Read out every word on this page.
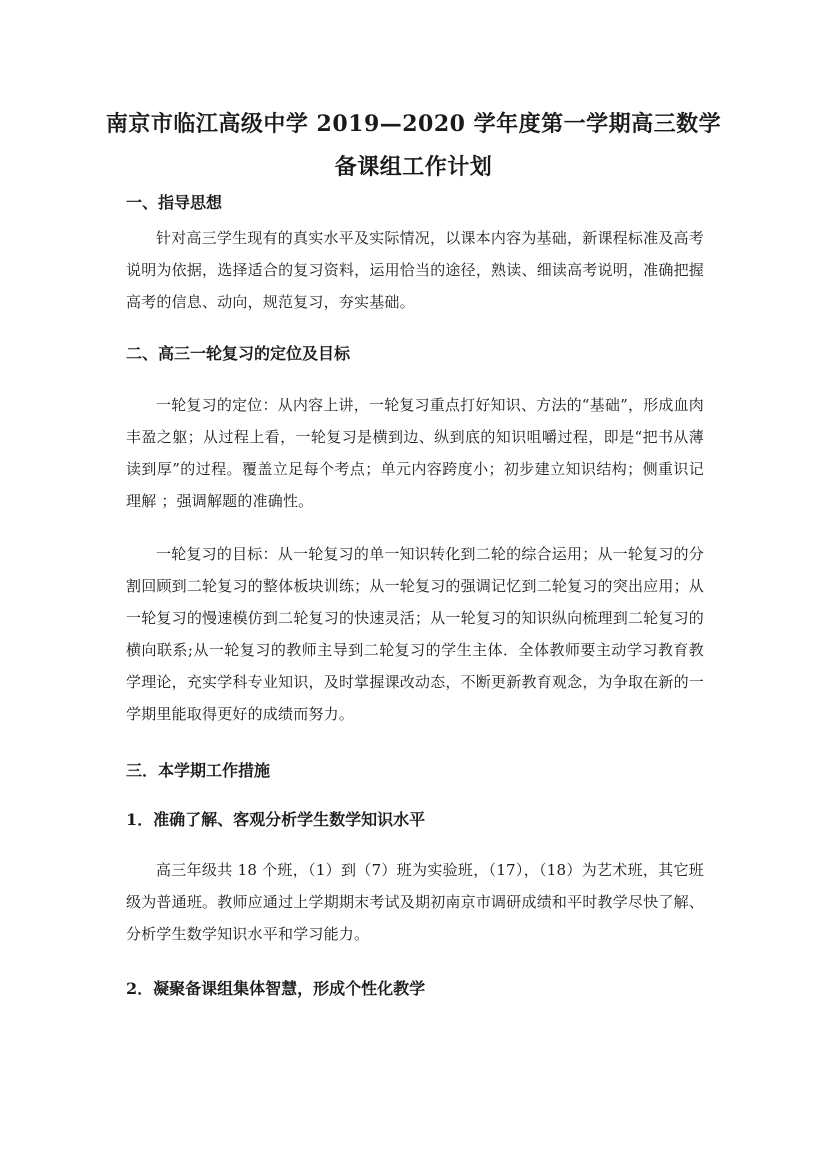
南京市临江高级中学 2019—2020 学年度第一学期高三数学
备课组工作计划
一、指导思想
针对高三学生现有的真实水平及实际情况，以课本内容为基础，新课程标准及高考说明为依据，选择适合的复习资料，运用恰当的途径，熟读、细读高考说明，准确把握高考的信息、动向，规范复习，夯实基础。
二、高三一轮复习的定位及目标
一轮复习的定位：从内容上讲，一轮复习重点打好知识、方法的“基础”，形成血肉丰盈之躯；从过程上看，一轮复习是横到边、纵到底的知识咀嚼过程，即是“把书从薄读到厚”的过程。覆盖立足每个考点；单元内容跨度小；初步建立知识结构；侧重识记理解 ；强调解题的准确性。
一轮复习的目标：从一轮复习的单一知识转化到二轮的综合运用；从一轮复习的分割回顾到二轮复习的整体板块训练；从一轮复习的强调记忆到二轮复习的突出应用；从一轮复习的慢速模仿到二轮复习的快速灵活；从一轮复习的知识纵向梳理到二轮复习的横向联系;从一轮复习的教师主导到二轮复习的学生主体．全体教师要主动学习教育教学理论，充实学科专业知识，及时掌握课改动态，不断更新教育观念，为争取在新的一学期里能取得更好的成绩而努力。
三．本学期工作措施
1．准确了解、客观分析学生数学知识水平
高三年级共 18 个班，（1）到（7）班为实验班，（17），（18）为艺术班，其它班级为普通班。教师应通过上学期期末考试及期初南京市调研成绩和平时教学尽快了解、分析学生数学知识水平和学习能力。
2．凝聚备课组集体智慧，形成个性化教学
